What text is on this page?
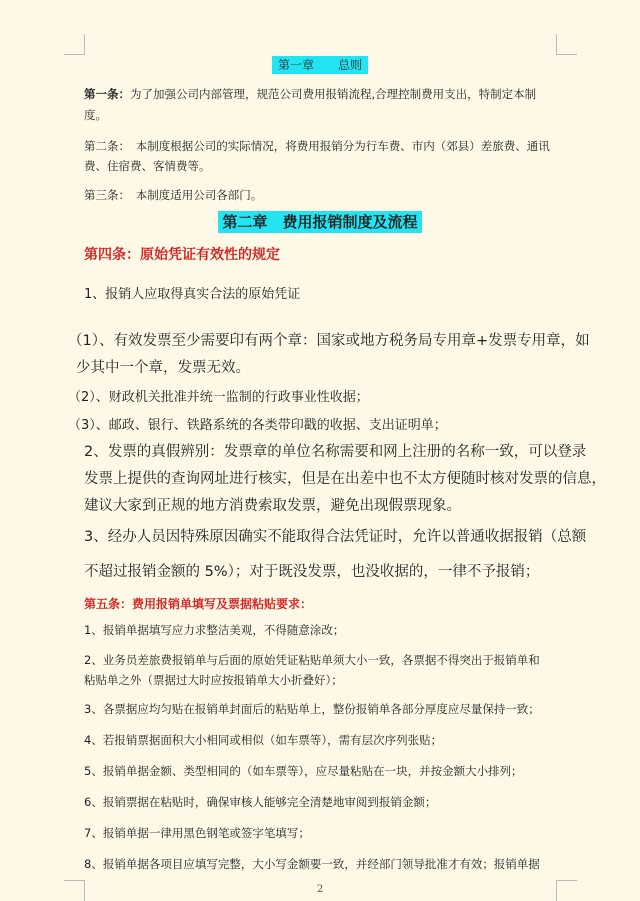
第一章　　总则
第一条：为了加强公司内部管理，规范公司费用报销流程,合理控制费用支出，特制定本制
度。
第二条：　本制度根据公司的实际情况，将费用报销分为行车费、市内（郊县）差旅费、通讯
费、住宿费、客情费等。
第三条：　本制度适用公司各部门。
第二章　费用报销制度及流程
第四条：原始凭证有效性的规定
1、报销人应取得真实合法的原始凭证
（1）、有效发票至少需要印有两个章：国家或地方税务局专用章+发票专用章，如
少其中一个章，发票无效。
（2）、财政机关批准并统一监制的行政事业性收据；
（3）、邮政、银行、铁路系统的各类带印戳的收据、支出证明单；
2、发票的真假辨别：发票章的单位名称需要和网上注册的名称一致，可以登录
发票上提供的查询网址进行核实，但是在出差中也不太方便随时核对发票的信息，
建议大家到正规的地方消费索取发票，避免出现假票现象。
3、经办人员因特殊原因确实不能取得合法凭证时，允许以普通收据报销（总额
不超过报销金额的 5%）；对于既没发票，也没收据的，一律不予报销；
第五条：费用报销单填写及票据粘贴要求：
1、报销单据填写应力求整洁美观，不得随意涂改；
2、业务员差旅费报销单与后面的原始凭证粘贴单须大小一致，各票据不得突出于报销单和
粘贴单之外（票据过大时应按报销单大小折叠好）；
3、各票据应均匀贴在报销单封面后的粘贴单上，整份报销单各部分厚度应尽量保持一致；
4、若报销票据面积大小相同或相似（如车票等），需有层次序列张贴；
5、报销单据金额、类型相同的（如车票等），应尽量粘贴在一块，并按金额大小排列；
6、报销票据在粘贴时，确保审核人能够完全清楚地审阅到报销金额；
7、报销单据一律用黑色钢笔或签字笔填写；
8、报销单据各项目应填写完整，大小写金额要一致，并经部门领导批准才有效；报销单据
2
